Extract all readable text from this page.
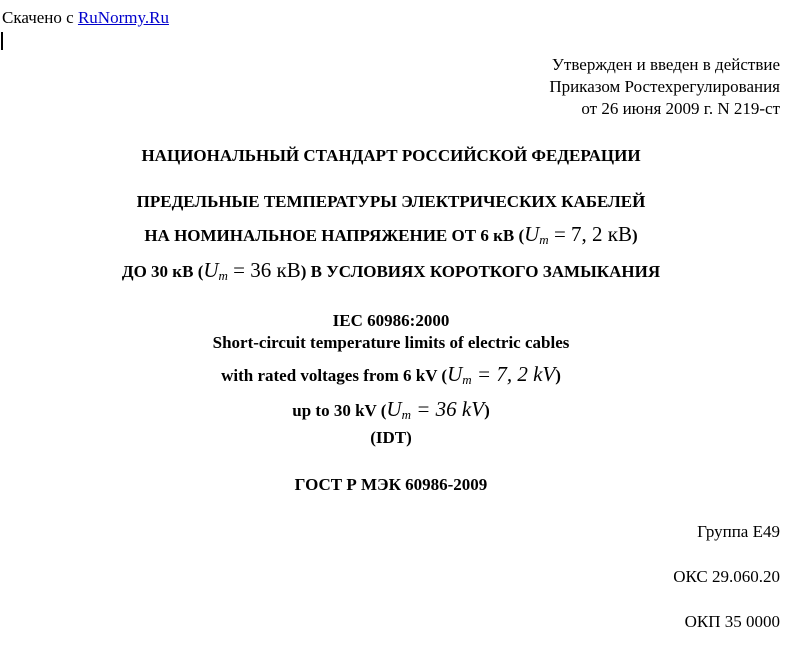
Скачено с RuNormy.Ru
Утвержден и введен в действие
Приказом Ростехрегулирования
от 26 июня 2009 г. N 219-ст
НАЦИОНАЛЬНЫЙ СТАНДАРТ РОССИЙСКОЙ ФЕДЕРАЦИИ
ПРЕДЕЛЬНЫЕ ТЕМПЕРАТУРЫ ЭЛЕКТРИЧЕСКИХ КАБЕЛЕЙ
НА НОМИНАЛЬНОЕ НАПРЯЖЕНИЕ ОТ 6 кВ ($U_m = 7$, 2 кВ)
ДО 30 кВ ($U_m = 36$ кВ) В УСЛОВИЯХ КОРОТКОГО ЗАМЫКАНИЯ
IEC 60986:2000
Short-circuit temperature limits of electric cables
with rated voltages from 6 kV ($U_m = 7$, 2 kV)
up to 30 kV ($U_m = 36$ kV)
(IDT)
ГОСТ Р МЭК 60986-2009
Группа Е49
ОКС 29.060.20
ОКП 35 0000
